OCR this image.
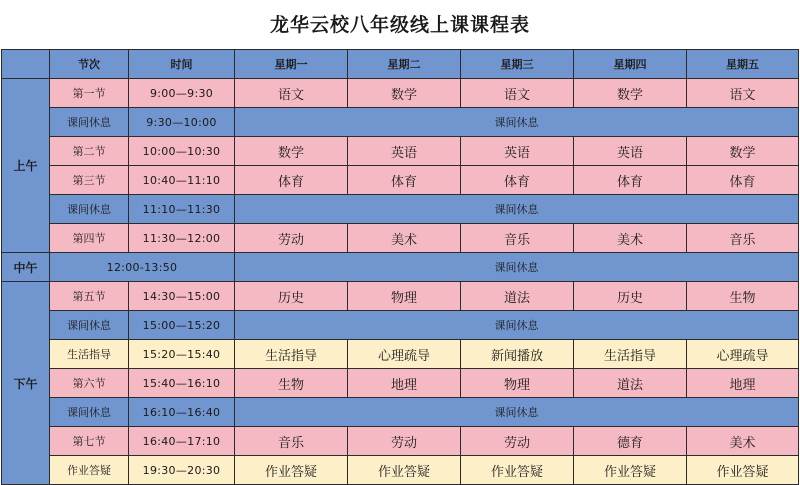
龙华云校八年级线上课课程表
	节次	时间	星期一	星期二	星期三	星期四	星期五
上午	第一节	9:00—9:30	语文	数学	语文	数学	语文
	课间休息	9:30—10:00	课间休息				
	第二节	10:00—10:30	数学	英语	英语	英语	数学
	第三节	10:40—11:10	体育	体育	体育	体育	体育
	课间休息	11:10—11:30	课间休息				
	第四节	11:30—12:00	劳动	美术	音乐	美术	音乐
中午	12:00-13:50		课间休息				
下午	第五节	14:30—15:00	历史	物理	道法	历史	生物
	课间休息	15:00—15:20	课间休息				
	生活指导	15:20—15:40	生活指导	心理疏导	新闻播放	生活指导	心理疏导
	第六节	15:40—16:10	生物	地理	物理	道法	地理
	课间休息	16:10—16:40	课间休息				
	第七节	16:40—17:10	音乐	劳动	劳动	德育	美术
	作业答疑	19:30—20:30	作业答疑	作业答疑	作业答疑	作业答疑	作业答疑
